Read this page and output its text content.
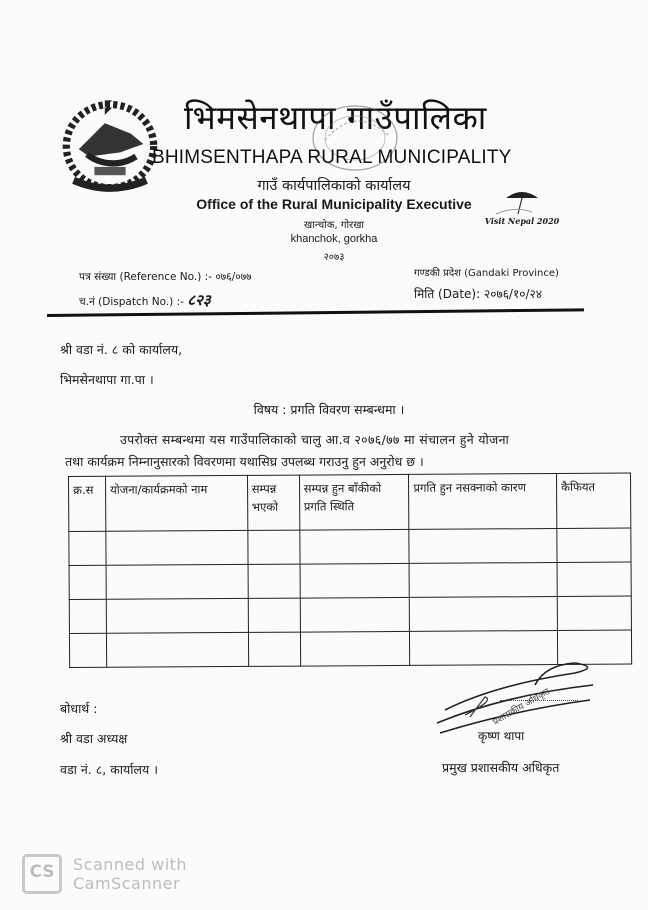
भिमसेनथापा गाउँपालिका
BHIMSENTHAPA RURAL MUNICIPALITY
गाउँ कार्यपालिकाको कार्यालय
Office of the Rural Municipality Executive
खान्चोक, गोरखा
khanchok, gorkha
२०७३
Visit Nepal 2020
पत्र संख्या (Reference No.) :- ०७६/०७७
च.नं (Dispatch No.) :- ८२३
गण्डकी प्रदेश (Gandaki Province)
मिति (Date): २०७६/१०/२४
श्री वडा नं. ८ को कार्यालय,
भिमसेनथापा गा.पा ।
विषय : प्रगति विवरण सम्बन्धमा ।
उपरोक्त सम्बन्धमा यस गाउँपालिकाको चालु आ.व २०७६/७७ मा संचालन हुने योजना
तथा कार्यक्रम निम्नानुसारको विवरणमा यथासिघ्र उपलब्ध गराउनु हुन अनुरोध छ ।
क्र.स	योजना/कार्यक्रमको नाम	सम्पन्न भएको	सम्पन्न हुन बाँकीको प्रगति स्थिति	प्रगति हुन नसक्नाको कारण	कैफियत

बोधार्थ :
श्री वडा अध्यक्ष
वडा नं. ८, कार्यालय ।
प्रशासकीय अधिकृत
कृष्ण थापा
प्रमुख प्रशासकीय अधिकृत
CS	Scanned with
CamScanner
